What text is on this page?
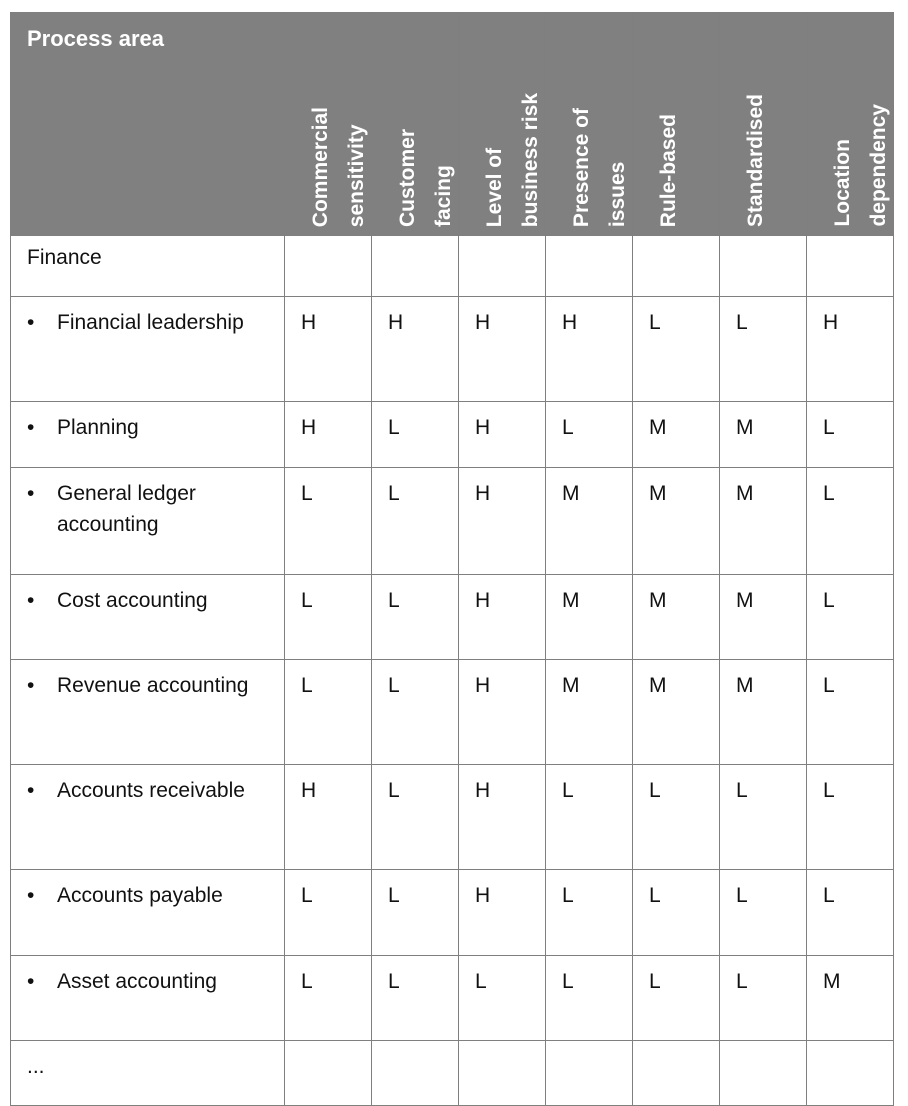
Process area	Commercial sensitivity	Customer facing	Level of business risk	Presence of issues	Rule-based	Standardised	Location dependency

Finance							

• Financial leadership	H	H	H	H	L	L	H

• Planning	H	L	H	L	M	M	L

• General ledger accounting	L	L	H	M	M	M	L

• Cost accounting	L	L	H	M	M	M	L

• Revenue accounting	L	L	H	M	M	M	L

• Accounts receivable	H	L	H	L	L	L	L

• Accounts payable	L	L	H	L	L	L	L

• Asset accounting	L	L	L	L	L	L	M
...							
